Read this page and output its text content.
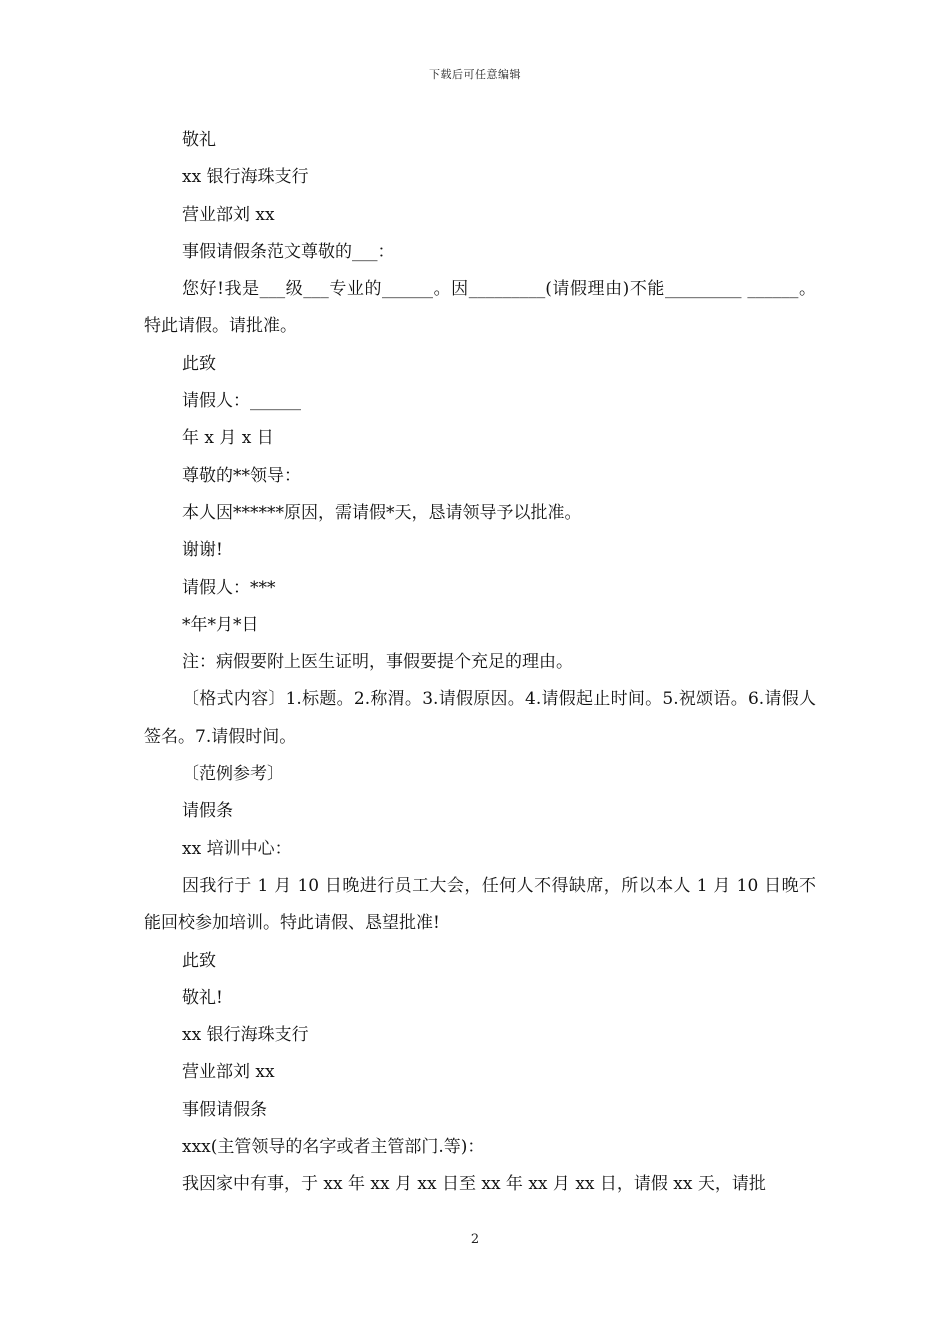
下载后可任意编辑

敬礼

xx 银行海珠支行

营业部刘 xx

事假请假条范文尊敬的___：

您好!我是___级___专业的______。因_________(请假理由)不能_________ ______。特此请假。请批准。

此致

请假人：______

年 x 月 x 日

尊敬的**领导：

本人因******原因，需请假*天，恳请领导予以批准。

谢谢!

请假人：***

*年*月*日

注：病假要附上医生证明，事假要提个充足的理由。

〔格式内容〕1.标题。2.称渭。3.请假原因。4.请假起止时间。5.祝颂语。6.请假人签名。7.请假时间。

〔范例参考〕

请假条

xx 培训中心：

因我行于 1 月 10 日晚进行员工大会，任何人不得缺席，所以本人 1 月 10 日晚不能回校参加培训。特此请假、恳望批准!

此致

敬礼!

xx 银行海珠支行

营业部刘 xx

事假请假条

xxx(主管领导的名字或者主管部门.等)：

我因家中有事，于 xx 年 xx 月 xx 日至 xx 年 xx 月 xx 日，请假 xx 天，请批

2
